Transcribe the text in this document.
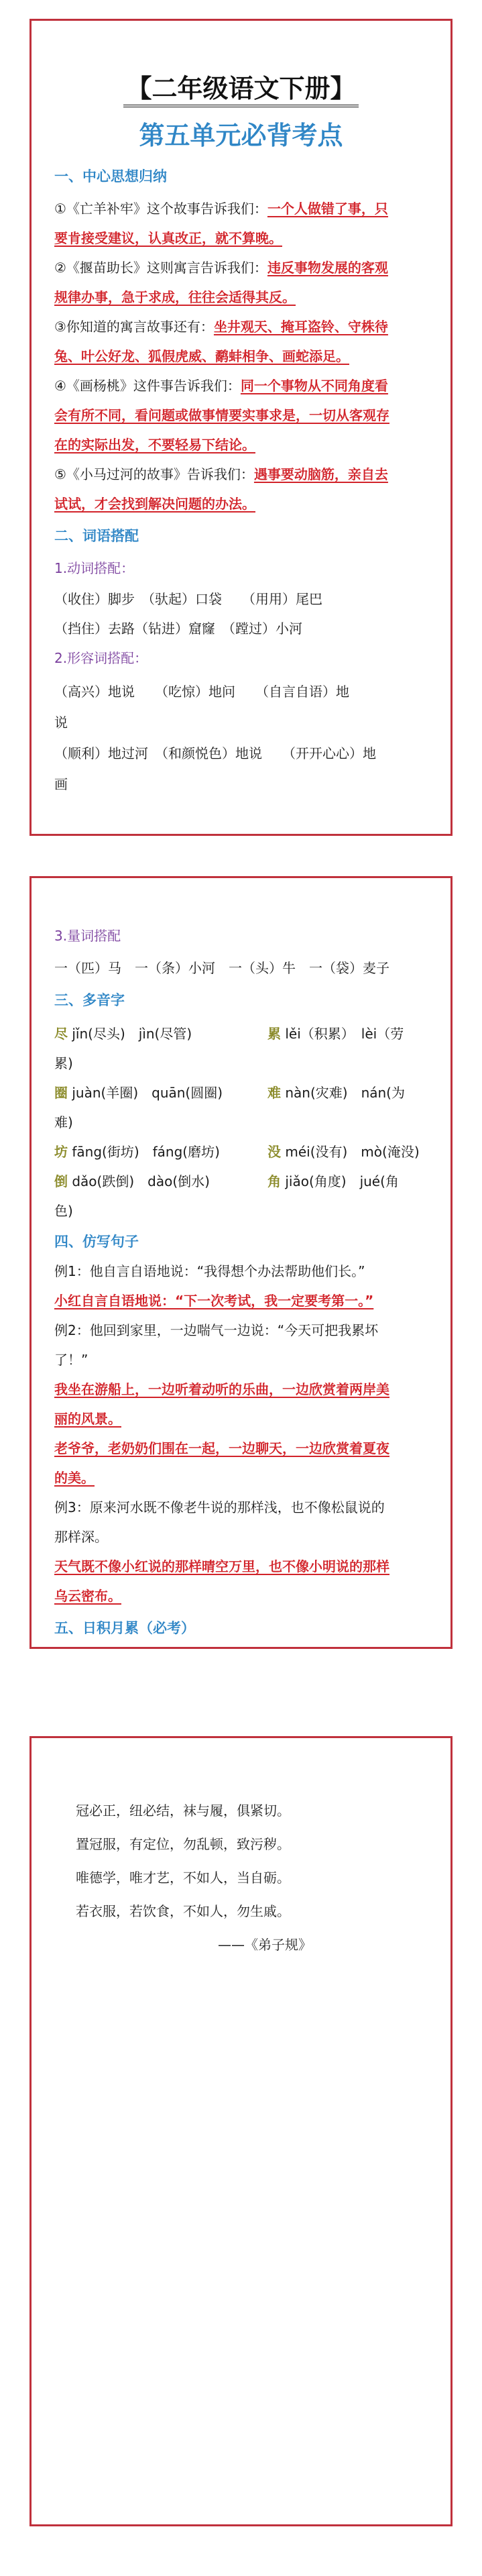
【二年级语文下册】
第五单元必背考点
一、中心思想归纳
①《亡羊补牢》这个故事告诉我们：一个人做错了事，只
要肯接受建议，认真改正，就不算晚。
②《揠苗助长》这则寓言告诉我们：违反事物发展的客观
规律办事，急于求成，往往会适得其反。
③你知道的寓言故事还有：坐井观天、掩耳盗铃、守株待
兔、叶公好龙、狐假虎威、鹬蚌相争、画蛇添足。
④《画杨桃》这件事告诉我们：同一个事物从不同角度看
会有所不同，看问题或做事情要实事求是，一切从客观存
在的实际出发，不要轻易下结论。
⑤《小马过河的故事》告诉我们：遇事要动脑筋，亲自去
试试，才会找到解决问题的办法。
二、词语搭配
1.动词搭配：
（收住）脚步　（驮起）口袋　　（用用）尾巴
（挡住）去路（钻进）窟窿　（蹚过）小河
2.形容词搭配：
（高兴）地说　　（吃惊）地问　　（自言自语）地
说
（顺利）地过河　（和颜悦色）地说　　（开开心心）地
画
3.量词搭配
一（匹）马　一（条）小河　一（头）牛　一（袋）麦子
三、多音字
尽 jǐn(尽头)　jìn(尽管)	累 lěi（积累）　lèi（劳
累)
圈 juàn(羊圈)　quān(圆圈)	难 nàn(灾难)　nán(为
难)
坊 fāng(街坊)　fáng(磨坊)	没 méi(没有)　mò(淹没)
倒 dǎo(跌倒)　dào(倒水)	角 jiǎo(角度)　jué(角
色)
四、仿写句子
例1：他自言自语地说：“我得想个办法帮助他们长。”
小红自言自语地说：“下一次考试，我一定要考第一。”
例2：他回到家里，一边喘气一边说：“今天可把我累坏
了！”
我坐在游船上，一边听着动听的乐曲，一边欣赏着两岸美
丽的风景。
老爷爷，老奶奶们围在一起，一边聊天，一边欣赏着夏夜
的美。
例3：原来河水既不像老牛说的那样浅，也不像松鼠说的
那样深。
天气既不像小红说的那样晴空万里，也不像小明说的那样
乌云密布。
五、日积月累（必考）
冠必正，纽必结，袜与履，俱紧切。
置冠服，有定位，勿乱顿，致污秽。
唯德学，唯才艺，不如人，当自砺。
若衣服，若饮食，不如人，勿生戚。
——《弟子规》
